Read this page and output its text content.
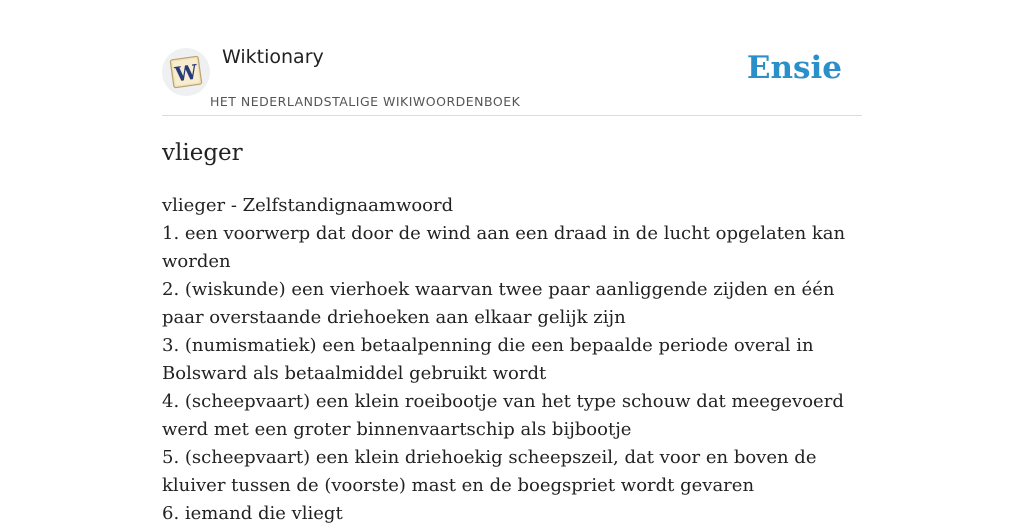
W
Wiktionary
HET NEDERLANDSTALIGE WIKIWOORDENBOEK
Ensie
vlieger

vlieger - Zelfstandignaamwoord

1. een voorwerp dat door de wind aan een draad in de lucht opgelaten kan worden

2. (wiskunde) een vierhoek waarvan twee paar aanliggende zijden en één paar overstaande driehoeken aan elkaar gelijk zijn

3. (numismatiek) een betaalpenning die een bepaalde periode overal in Bolsward als betaalmiddel gebruikt wordt

4. (scheepvaart) een klein roeibootje van het type schouw dat meegevoerd werd met een groter binnenvaartschip als bijbootje

5. (scheepvaart) een klein driehoekig scheepszeil, dat voor en boven de kluiver tussen de (voorste) mast en de boegspriet wordt gevaren

6. iemand die vliegt
